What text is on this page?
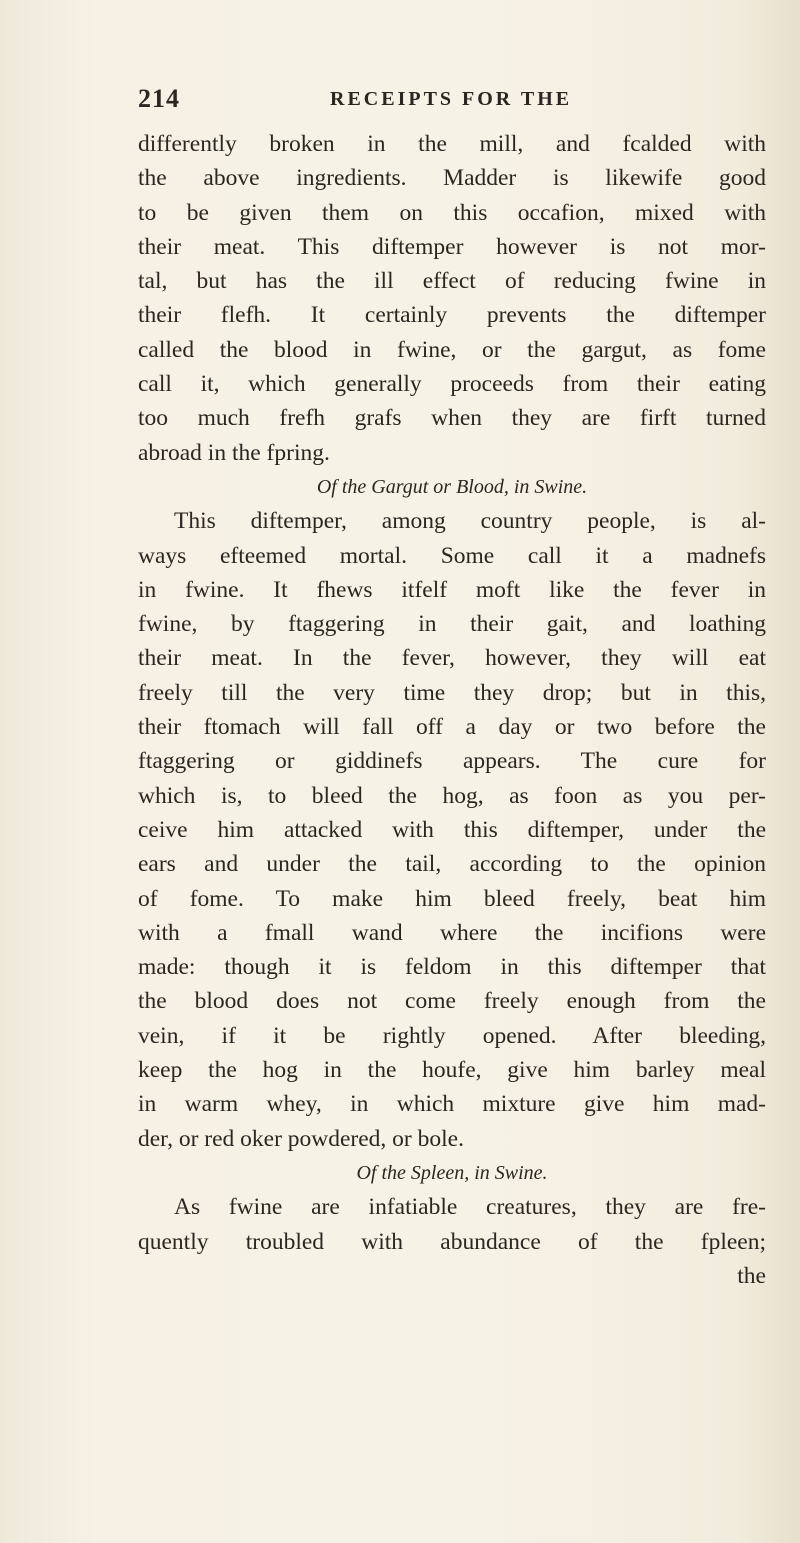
214	RECEIPTS FOR THE
differently broken in the mill, and fcalded with
the above ingredients. Madder is likewife good
to be given them on this occafion, mixed with
their meat. This diftemper however is not mor-
tal, but has the ill effect of reducing fwine in
their flefh. It certainly prevents the diftemper
called the blood in fwine, or the gargut, as fome
call it, which generally proceeds from their eating
too much frefh grafs when they are firft turned
abroad in the fpring.
Of the Gargut or Blood, in Swine.
This diftemper, among country people, is al-
ways efteemed mortal. Some call it a madnefs
in fwine. It fhews itfelf moft like the fever in
fwine, by ftaggering in their gait, and loathing
their meat. In the fever, however, they will eat
freely till the very time they drop; but in this,
their ftomach will fall off a day or two before the
ftaggering or giddinefs appears. The cure for
which is, to bleed the hog, as foon as you per-
ceive him attacked with this diftemper, under the
ears and under the tail, according to the opinion
of fome. To make him bleed freely, beat him
with a fmall wand where the incifions were
made: though it is feldom in this diftemper that
the blood does not come freely enough from the
vein, if it be rightly opened. After bleeding,
keep the hog in the houfe, give him barley meal
in warm whey, in which mixture give him mad-
der, or red oker powdered, or bole.
Of the Spleen, in Swine.
As fwine are infatiable creatures, they are fre-
quently troubled with abundance of the fpleen;
the
